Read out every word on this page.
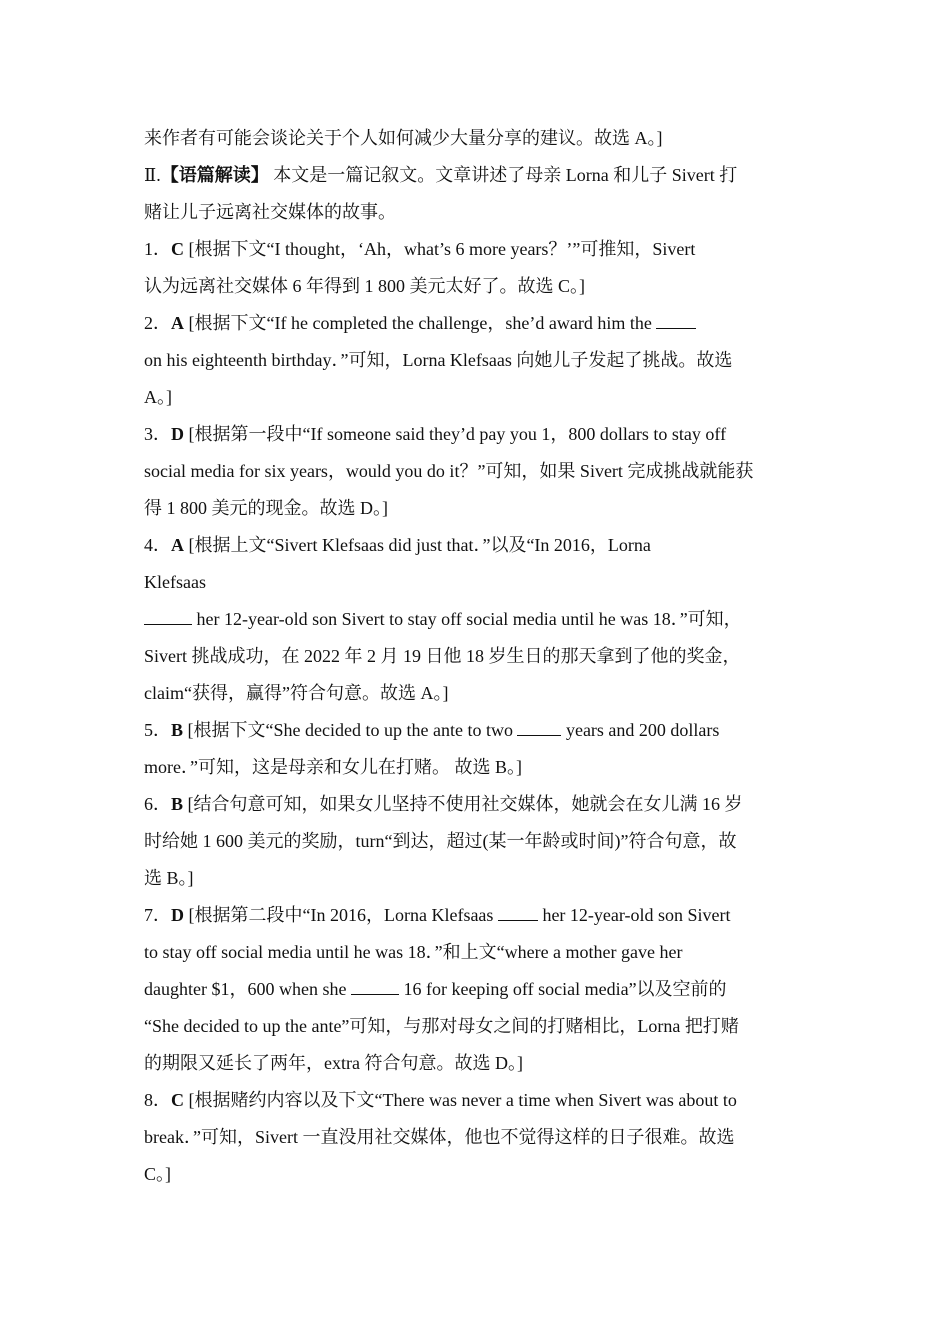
来作者有可能会谈论关于个人如何减少大量分享的建议。故选 A。]
Ⅱ.【语篇解读】 本文是一篇记叙文。文章讲述了母亲 Lorna 和儿子 Sivert 打
赌让儿子远离社交媒体的故事。
1．C [根据下文“I thought，‘Ah，what’s 6 more years？’”可推知，Sivert
认为远离社交媒体 6 年得到 1 800 美元太好了。故选 C。]
2．A [根据下文“If he completed the challenge，she’d award him the
on his eighteenth birthday．”可知，Lorna Klefsaas 向她儿子发起了挑战。故选
A。]
3．D [根据第一段中“If someone said they’d pay you 1，800 dollars to stay off
social media for six years，would you do it？”可知，如果 Sivert 完成挑战就能获
得 1 800 美元的现金。故选 D。]
4．A [根据上文“Sivert Klefsaas did just that．”以及“In 2016，Lorna
Klefsaas
her 12-year-old son Sivert to stay off social media until he was 18．”可知，
Sivert 挑战成功，在 2022 年 2 月 19 日他 18 岁生日的那天拿到了他的奖金，
claim“获得，赢得”符合句意。故选 A。]
5．B [根据下文“She decided to up the ante to two  years and 200 dollars
more．”可知，这是母亲和女儿在打赌。 故选 B。]
6．B [结合句意可知，如果女儿坚持不使用社交媒体，她就会在女儿满 16 岁
时给她 1 600 美元的奖励，turn“到达，超过(某一年龄或时间)”符合句意，故
选 B。]
7．D [根据第二段中“In 2016，Lorna Klefsaas  her 12-year-old son Sivert
to stay off social media until he was 18．”和上文“where a mother gave her
daughter $1，600 when she	16 for keeping off social media”以及空前的
“She decided to up the ante”可知，与那对母女之间的打赌相比，Lorna 把打赌
的期限又延长了两年，extra 符合句意。故选 D。]
8．C [根据赌约内容以及下文“There was never a time when Sivert was about to
break．”可知，Sivert 一直没用社交媒体，他也不觉得这样的日子很难。故选
C。]
